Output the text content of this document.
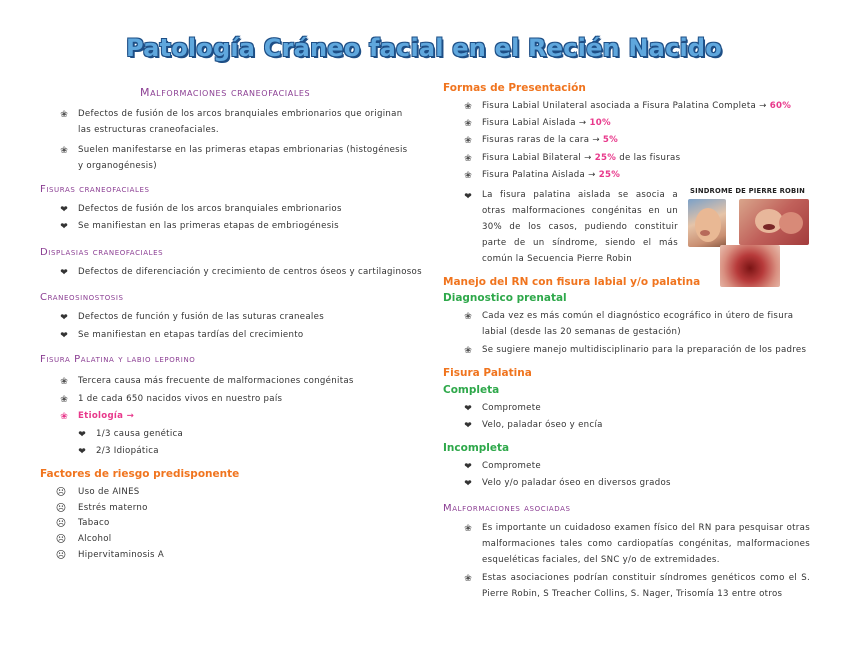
Patología Cráneo facial en el Recién Nacido
Malformaciones craneofaciales
❀ Defectos de fusión de los arcos branquiales embrionarios que originan las estructuras craneofaciales.
❀ Suelen manifestarse en las primeras etapas embrionarias (histogénesis y organogénesis)
Fisuras craneofaciales
❤ Defectos de fusión de los arcos branquiales embrionarios
❤ Se manifiestan en las primeras etapas de embriogénesis
Displasias craneofaciales
❤ Defectos de diferenciación y crecimiento de centros óseos y cartilaginosos
Craneosinostosis
❤ Defectos de función y fusión de las suturas craneales
❤ Se manifiestan en etapas tardías del crecimiento
Fisura Palatina y labio leporino
❀ Tercera causa más frecuente de malformaciones congénitas
❀ 1 de cada 650 nacidos vivos en nuestro país
❀ Etiología →
❤ 1/3 causa genética
❤ 2/3 Idiopática
Factores de riesgo predisponente
☹ Uso de AINES
☹ Estrés materno
☹ Tabaco
☹ Alcohol
☹ Hipervitaminosis A
Formas de Presentación
❀ Fisura Labial Unilateral asociada a Fisura Palatina Completa → 60%
❀ Fisura Labial Aislada → 10%
❀ Fisuras raras de la cara → 5%
❀ Fisura Labial Bilateral → 25% de las fisuras
❀ Fisura Palatina Aislada → 25%
❤ La fisura palatina aislada se asocia a otras malformaciones congénitas en un 30% de los casos, pudiendo constituir parte de un síndrome, siendo el más común la Secuencia Pierre Robin
SINDROME DE PIERRE ROBIN
Manejo del RN con fisura labial y/o palatina
Diagnostico prenatal
❀ Cada vez es más común el diagnóstico ecográfico in útero de fisura labial (desde las 20 semanas de gestación)
❀ Se sugiere manejo multidisciplinario para la preparación de los padres
Fisura Palatina
Completa
❤ Compromete
❤ Velo, paladar óseo y encía
Incompleta
❤ Compromete
❤ Velo y/o paladar óseo en diversos grados
Malformaciones asociadas
❀ Es importante un cuidadoso examen físico del RN para pesquisar otras malformaciones tales como cardiopatías congénitas, malformaciones esqueléticas faciales, del SNC y/o de extremidades.
❀ Estas asociaciones podrían constituir síndromes genéticos como el S. Pierre Robin, S Treacher Collins, S. Nager, Trisomía 13 entre otros
